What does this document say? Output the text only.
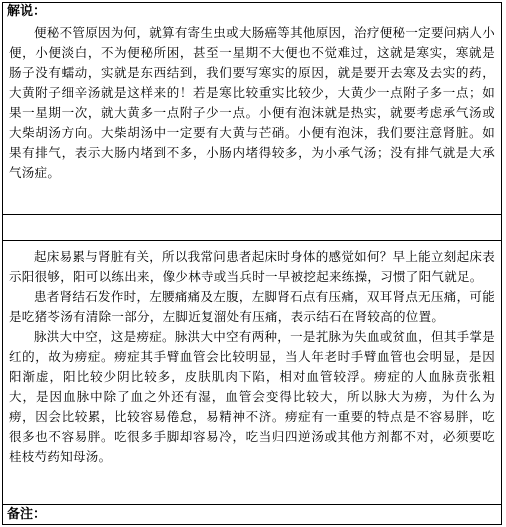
解说：

便秘不管原因为何，就算有寄生虫或大肠癌等其他原因，治疗便秘一定要问病人小便，小便淡白，不为便秘所困，甚至一星期不大便也不觉难过，这就是寒实，寒就是肠子没有蠕动，实就是东西结到，我们要写寒实的原因，就是要开去寒及去实的药，大黄附子细辛汤就是这样来的！若是寒比较重实比较少，大黄少一点附子多一点；如果一星期一次，就大黄多一点附子少一点。小便有泡沫就是热实，就要考虑承气汤或大柴胡汤方向。大柴胡汤中一定要有大黄与芒硝。小便有泡沫，我们要注意肾脏。如果有排气，表示大肠内堵到不多，小肠内堵得较多，为小承气汤；没有排气就是大承气汤症。

起床易累与肾脏有关，所以我常问患者起床时身体的感觉如何？早上能立刻起床表示阳很够，阳可以练出来，像少林寺或当兵时一早被挖起来练操，习惯了阳气就足。

患者肾结石发作时，左腰痛痛及左腹，左脚肾石点有压痛，双耳肾点无压痛，可能是吃猪苓汤有清除一部分，左脚近复溜处有压痛，表示结石在肾较高的位置。

脉洪大中空，这是痨症。脉洪大中空有两种，一是芤脉为失血或贫血，但其手掌是红的，故为痨症。痨症其手臂血管会比较明显，当人年老时手臂血管也会明显，是因阳渐虚，阳比较少阴比较多，皮肤肌肉下陷，相对血管较浮。痨症的人血脉贲张粗大，是因血脉中除了血之外还有湿，血管会变得比较大，所以脉大为痨，为什么为痨，因会比较累，比较容易倦怠，易精神不济。痨症有一重要的特点是不容易胖，吃很多也不容易胖。吃很多手脚却容易冷，吃当归四逆汤或其他方剂都不对，必须要吃桂枝芍药知母汤。

备注：
